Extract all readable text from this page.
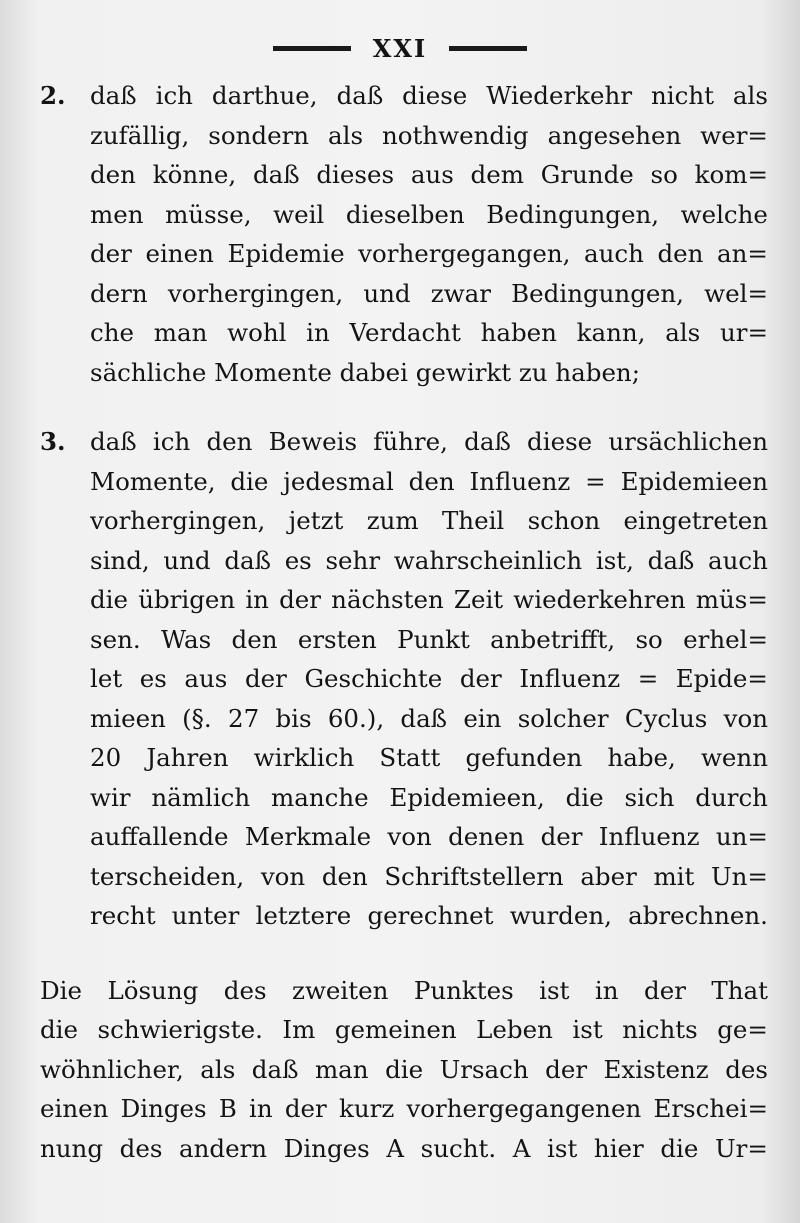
XXI
2. daß ich darthue, daß diese Wiederkehr nicht als
zufällig, sondern als nothwendig angesehen wer=
den könne, daß dieses aus dem Grunde so kom=
men müsse, weil dieselben Bedingungen, welche
der einen Epidemie vorhergegangen, auch den an=
dern vorhergingen, und zwar Bedingungen, wel=
che man wohl in Verdacht haben kann, als ur=
sächliche Momente dabei gewirkt zu haben;
3. daß ich den Beweis führe, daß diese ursächlichen
Momente, die jedesmal den Influenz = Epidemieen
vorhergingen, jetzt zum Theil schon eingetreten
sind, und daß es sehr wahrscheinlich ist, daß auch
die übrigen in der nächsten Zeit wiederkehren müs=
sen. Was den ersten Punkt anbetrifft, so erhel=
let es aus der Geschichte der Influenz = Epide=
mieen (§. 27 bis 60.), daß ein solcher Cyclus von
20 Jahren wirklich Statt gefunden habe, wenn
wir nämlich manche Epidemieen, die sich durch
auffallende Merkmale von denen der Influenz un=
terscheiden, von den Schriftstellern aber mit Un=
recht unter letztere gerechnet wurden, abrechnen.
Die Lösung des zweiten Punktes ist in der That
die schwierigste. Im gemeinen Leben ist nichts ge=
wöhnlicher, als daß man die Ursach der Existenz des
einen Dinges B in der kurz vorhergegangenen Erschei=
nung des andern Dinges A sucht. A ist hier die Ur=
